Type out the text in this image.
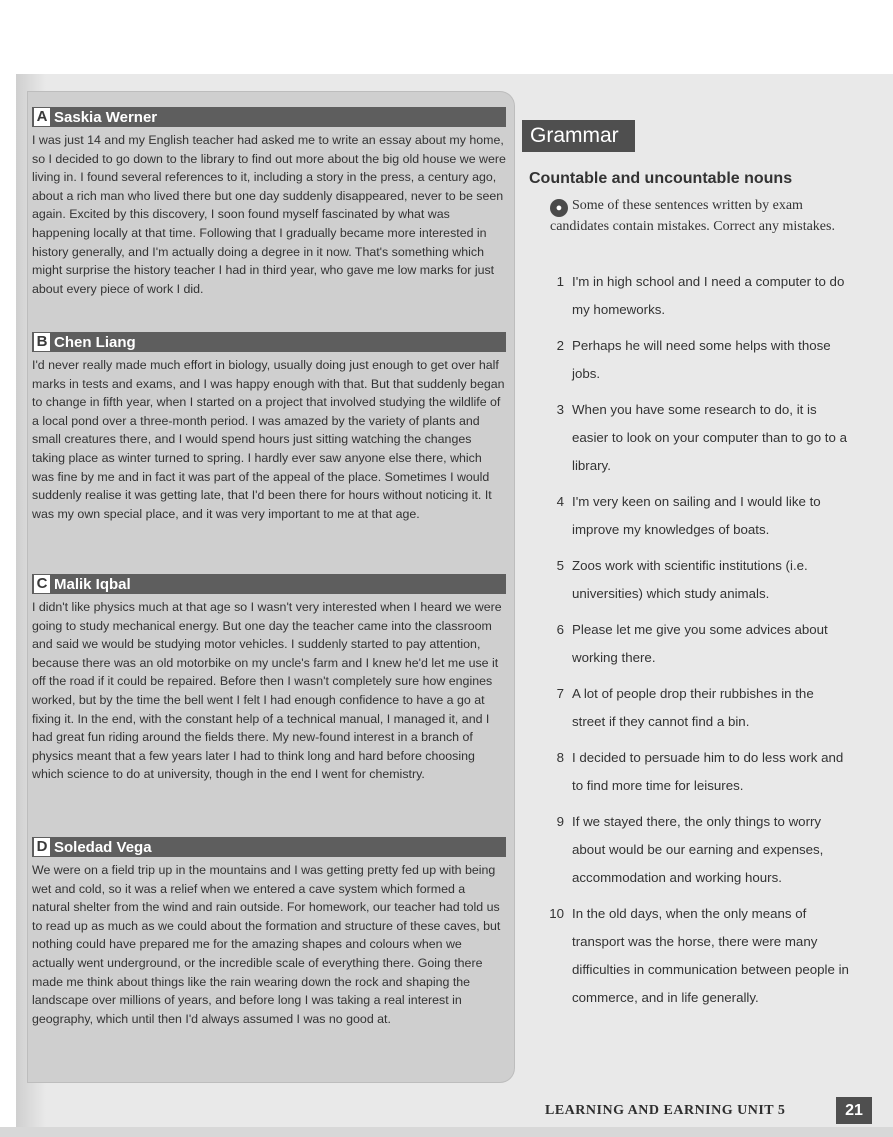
A Saskia Werner

I was just 14 and my English teacher had asked me to write an essay about my home, so I decided to go down to the library to find out more about the big old house we were living in. I found several references to it, including a story in the press, a century ago, about a rich man who lived there but one day suddenly disappeared, never to be seen again. Excited by this discovery, I soon found myself fascinated by what was happening locally at that time. Following that I gradually became more interested in history generally, and I'm actually doing a degree in it now. That's something which might surprise the history teacher I had in third year, who gave me low marks for just about every piece of work I did.

B Chen Liang

I'd never really made much effort in biology, usually doing just enough to get over half marks in tests and exams, and I was happy enough with that. But that suddenly began to change in fifth year, when I started on a project that involved studying the wildlife of a local pond over a three-month period. I was amazed by the variety of plants and small creatures there, and I would spend hours just sitting watching the changes taking place as winter turned to spring. I hardly ever saw anyone else there, which was fine by me and in fact it was part of the appeal of the place. Sometimes I would suddenly realise it was getting late, that I'd been there for hours without noticing it. It was my own special place, and it was very important to me at that age.

C Malik Iqbal

I didn't like physics much at that age so I wasn't very interested when I heard we were going to study mechanical energy. But one day the teacher came into the classroom and said we would be studying motor vehicles. I suddenly started to pay attention, because there was an old motorbike on my uncle's farm and I knew he'd let me use it off the road if it could be repaired. Before then I wasn't completely sure how engines worked, but by the time the bell went I felt I had enough confidence to have a go at fixing it. In the end, with the constant help of a technical manual, I managed it, and I had great fun riding around the fields there. My new-found interest in a branch of physics meant that a few years later I had to think long and hard before choosing which science to do at university, though in the end I went for chemistry.

D Soledad Vega

We were on a field trip up in the mountains and I was getting pretty fed up with being wet and cold, so it was a relief when we entered a cave system which formed a natural shelter from the wind and rain outside. For homework, our teacher had told us to read up as much as we could about the formation and structure of these caves, but nothing could have prepared me for the amazing shapes and colours when we actually went underground, or the incredible scale of everything there. Going there made me think about things like the rain wearing down the rock and shaping the landscape over millions of years, and before long I was taking a real interest in geography, which until then I'd always assumed I was no good at.

Grammar
Countable and uncountable nouns
● Some of these sentences written by exam candidates contain mistakes. Correct any mistakes.
1 I'm in high school and I need a computer to do my homeworks.
2 Perhaps he will need some helps with those jobs.
3 When you have some research to do, it is easier to look on your computer than to go to a library.
4 I'm very keen on sailing and I would like to improve my knowledges of boats.
5 Zoos work with scientific institutions (i.e. universities) which study animals.
6 Please let me give you some advices about working there.
7 A lot of people drop their rubbishes in the street if they cannot find a bin.
8 I decided to persuade him to do less work and to find more time for leisures.
9 If we stayed there, the only things to worry about would be our earning and expenses, accommodation and working hours.
10 In the old days, when the only means of transport was the horse, there were many difficulties in communication between people in commerce, and in life generally.
LEARNING AND EARNING UNIT 5	21
